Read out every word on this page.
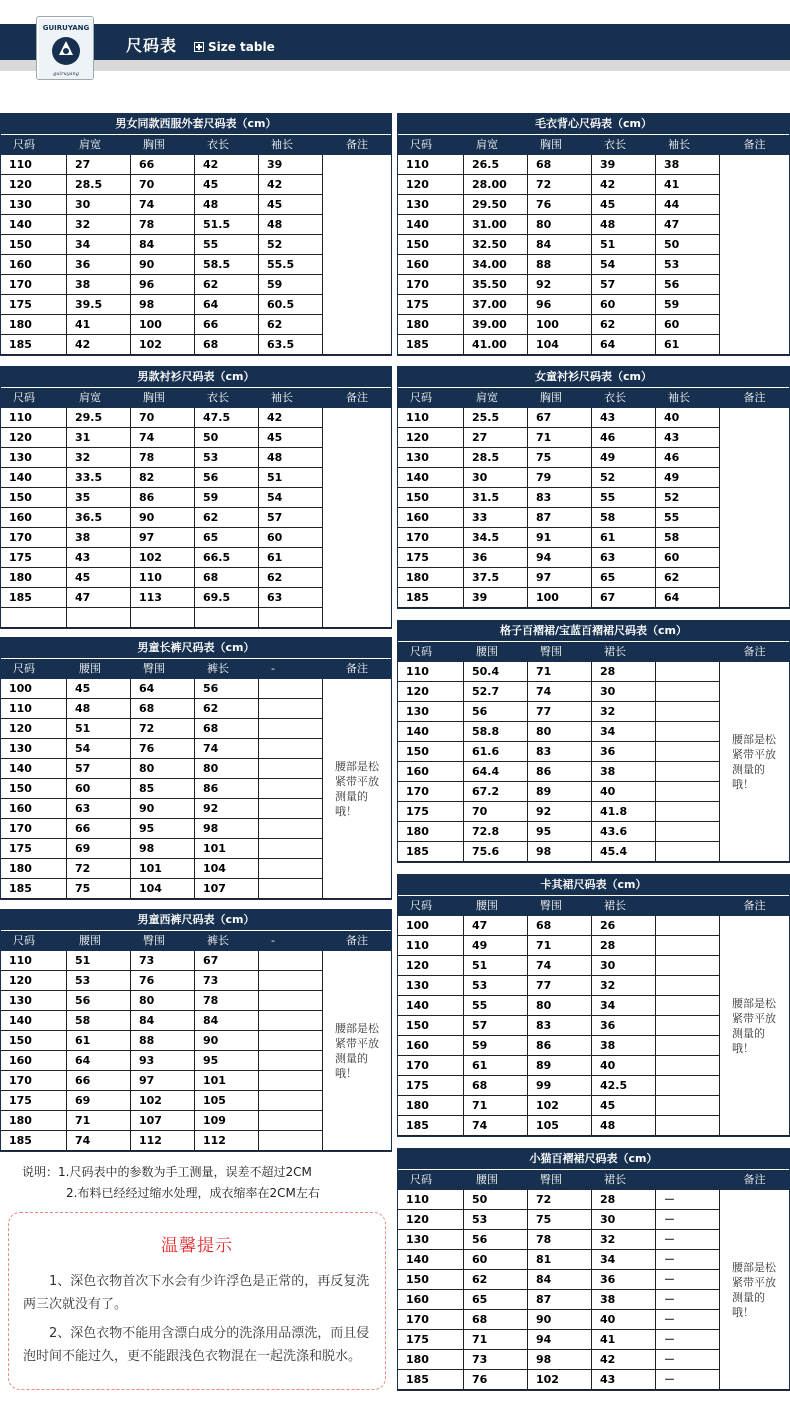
GUIRUYANG
guiruyang
尺码表	Size table
男女同款西服外套尺码表（cm）
尺码	肩宽	胸围	衣长	袖长	备注
110	27	66	42	39
120	28.5	70	45	42
130	30	74	48	45
140	32	78	51.5	48
150	34	84	55	52
160	36	90	58.5	55.5
170	38	96	62	59
175	39.5	98	64	60.5
180	41	100	66	62
185	42	102	68	63.5
男款衬衫尺码表（cm）
尺码	肩宽	胸围	衣长	袖长	备注
110	29.5	70	47.5	42
120	31	74	50	45
130	32	78	53	48
140	33.5	82	56	51
150	35	86	59	54
160	36.5	90	62	57
170	38	97	65	60
175	43	102	66.5	61
180	45	110	68	62
185	47	113	69.5	63
男童长裤尺码表（cm）
尺码	腰围	臀围	裤长	-	备注
100	45	64	56
110	48	68	62
120	51	72	68
130	54	76	74
140	57	80	80
150	60	85	86
160	63	90	92
170	66	95	98
175	69	98	101
180	72	101	104
185	75	104	107
腰部是松紧带平放测量的哦！
男童西裤尺码表（cm）
尺码	腰围	臀围	裤长	-	备注
110	51	73	67
120	53	76	73
130	56	80	78
140	58	84	84
150	61	88	90
160	64	93	95
170	66	97	101
175	69	102	105
180	71	107	109
185	74	112	112
腰部是松紧带平放测量的哦！
毛衣背心尺码表（cm）
尺码	肩宽	胸围	衣长	袖长	备注
110	26.5	68	39	38
120	28.00	72	42	41
130	29.50	76	45	44
140	31.00	80	48	47
150	32.50	84	51	50
160	34.00	88	54	53
170	35.50	92	57	56
175	37.00	96	60	59
180	39.00	100	62	60
185	41.00	104	64	61
女童衬衫尺码表（cm）
尺码	肩宽	胸围	衣长	袖长	备注
110	25.5	67	43	40
120	27	71	46	43
130	28.5	75	49	46
140	30	79	52	49
150	31.5	83	55	52
160	33	87	58	55
170	34.5	91	61	58
175	36	94	63	60
180	37.5	97	65	62
185	39	100	67	64
格子百褶裙/宝蓝百褶裙尺码表（cm）
尺码	腰围	臀围	裙长	备注
110	50.4	71	28
120	52.7	74	30
130	56	77	32
140	58.8	80	34
150	61.6	83	36
160	64.4	86	38
170	67.2	89	40
175	70	92	41.8
180	72.8	95	43.6
185	75.6	98	45.4
腰部是松紧带平放测量的哦！
卡其裙尺码表（cm）
尺码	腰围	臀围	裙长	备注
100	47	68	26
110	49	71	28
120	51	74	30
130	53	77	32
140	55	80	34
150	57	83	36
160	59	86	38
170	61	89	40
175	68	99	42.5
180	71	102	45
185	74	105	48
腰部是松紧带平放测量的哦！
小猫百褶裙尺码表（cm）
尺码	腰围	臀围	裙长	备注
110	50	72	28	－
120	53	75	30	－
130	56	78	32	－
140	60	81	34	－
150	62	84	36	－
160	65	87	38	－
170	68	90	40	－
175	71	94	41	－
180	73	98	42	－
185	76	102	43	－
腰部是松紧带平放测量的哦！
说明：1.尺码表中的参数为手工测量，误差不超过2CM
2.布料已经经过缩水处理，成衣缩率在2CM左右
温馨提示

1、深色衣物首次下水会有少许浮色是正常的，再反复洗两三次就没有了。

2、深色衣物不能用含漂白成分的洗涤用品漂洗，而且侵泡时间不能过久，更不能跟浅色衣物混在一起洗涤和脱水。
